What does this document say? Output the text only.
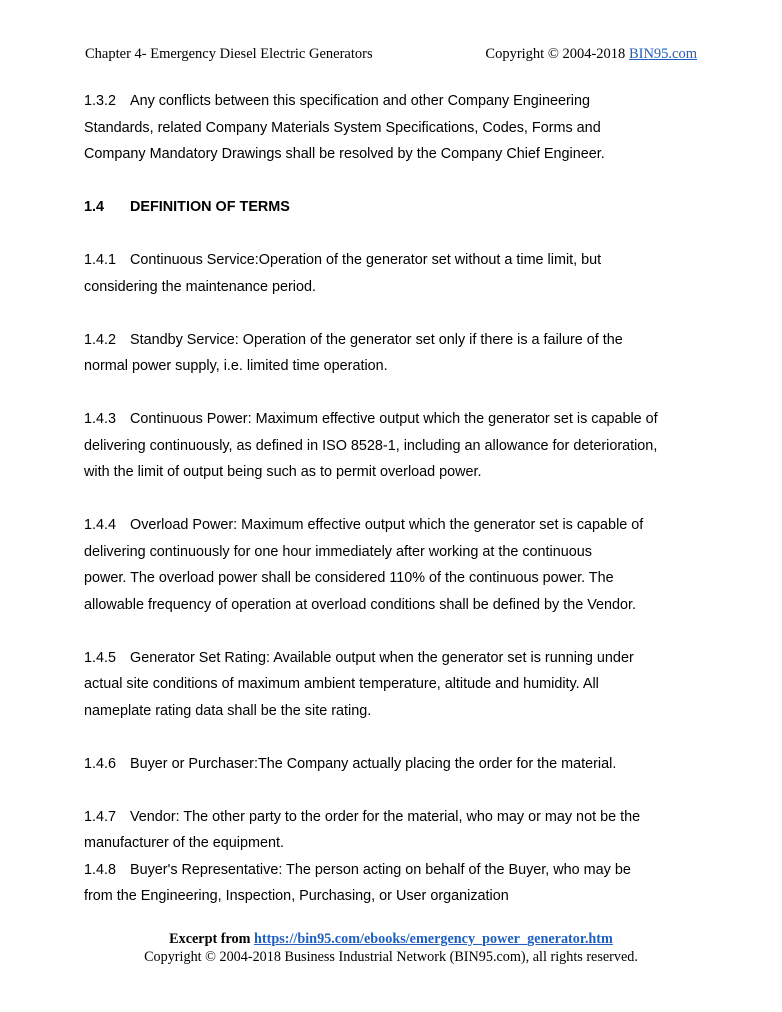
Chapter 4- Emergency Diesel Electric Generators	Copyright © 2004-2018 BIN95.com
1.3.2 Any conflicts between this specification and other Company Engineering
Standards, related Company Materials System Specifications, Codes, Forms and
Company Mandatory Drawings shall be resolved by the Company Chief Engineer.
1.4 DEFINITION OF TERMS
1.4.1 Continuous Service:Operation of the generator set without a time limit, but
considering the maintenance period.
1.4.2 Standby Service: Operation of the generator set only if there is a failure of the
normal power supply, i.e. limited time operation.
1.4.3 Continuous Power: Maximum effective output which the generator set is capable of
delivering continuously, as defined in ISO 8528-1, including an allowance for deterioration,
with the limit of output being such as to permit overload power.
1.4.4 Overload Power: Maximum effective output which the generator set is capable of
delivering continuously for one hour immediately after working at the continuous
power. The overload power shall be considered 110% of the continuous power. The
allowable frequency of operation at overload conditions shall be defined by the Vendor.
1.4.5 Generator Set Rating: Available output when the generator set is running under
actual site conditions of maximum ambient temperature, altitude and humidity. All
nameplate rating data shall be the site rating.
1.4.6 Buyer or Purchaser:The Company actually placing the order for the material.
1.4.7 Vendor: The other party to the order for the material, who may or may not be the
manufacturer of the equipment.
1.4.8 Buyer's Representative: The person acting on behalf of the Buyer, who may be
from the Engineering, Inspection, Purchasing, or User organization
Excerpt from https://bin95.com/ebooks/emergency_power_generator.htm
Copyright © 2004-2018 Business Industrial Network (BIN95.com), all rights reserved.
